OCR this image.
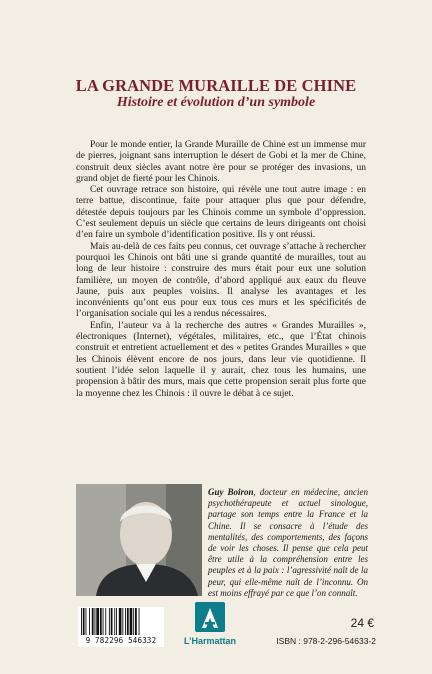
LA GRANDE MURAILLE DE CHINE
Histoire et évolution d’un symbole

Pour le monde entier, la Grande Muraille de Chine est un immense mur de pierres, joignant sans interruption le désert de Gobi et la mer de Chine, construit deux siècles avant notre ère pour se protéger des invasions, un grand objet de fierté pour les Chinois.

Cet ouvrage retrace son histoire, qui révèle une tout autre image : en terre battue, discontinue, faite pour attaquer plus que pour défendre, détestée depuis toujours par les Chinois comme un symbole d’oppression. C’est seulement depuis un siècle que certains de leurs dirigeants ont choisi d’en faire un symbole d’identification positive. Ils y ont réussi.

Mais au-delà de ces faits peu connus, cet ouvrage s’attache à rechercher pourquoi les Chinois ont bâti une si grande quantité de murailles, tout au long de leur histoire : construire des murs était pour eux une solution familière, un moyen de contrôle, d’abord appliqué aux eaux du fleuve Jaune, puis aux peuples voisins. Il analyse les avantages et les inconvénients qu’ont eus pour eux tous ces murs et les spécificités de l’organisation sociale qui les a rendus nécessaires.

Enfin, l’auteur va à la recherche des autres « Grandes Murailles », électroniques (Internet), végétales, militaires, etc., que l’État chinois construit et entretient actuellement et des « petites Grandes Murailles » que les Chinois élèvent encore de nos jours, dans leur vie quotidienne. Il soutient l’idée selon laquelle il y aurait, chez tous les humains, une propension à bâtir des murs, mais que cette propension serait plus forte que la moyenne chez les Chinois : il ouvre le débat à ce sujet.

Guy Boiron, docteur en médecine, ancien psychothérapeute et actuel sinologue, partage son temps entre la France et la Chine. Il se consacre à l’étude des mentalités, des comportements, des façons de voir les choses. Il pense que cela peut être utile à la compréhension entre les peuples et à la paix : l’agressivité naît de la peur, qui elle-même naît de l’inconnu. On est moins effrayé par ce que l’on connaît.
9 782296 546332	L’Harmattan
24 €
ISBN : 978-2-296-54633-2
